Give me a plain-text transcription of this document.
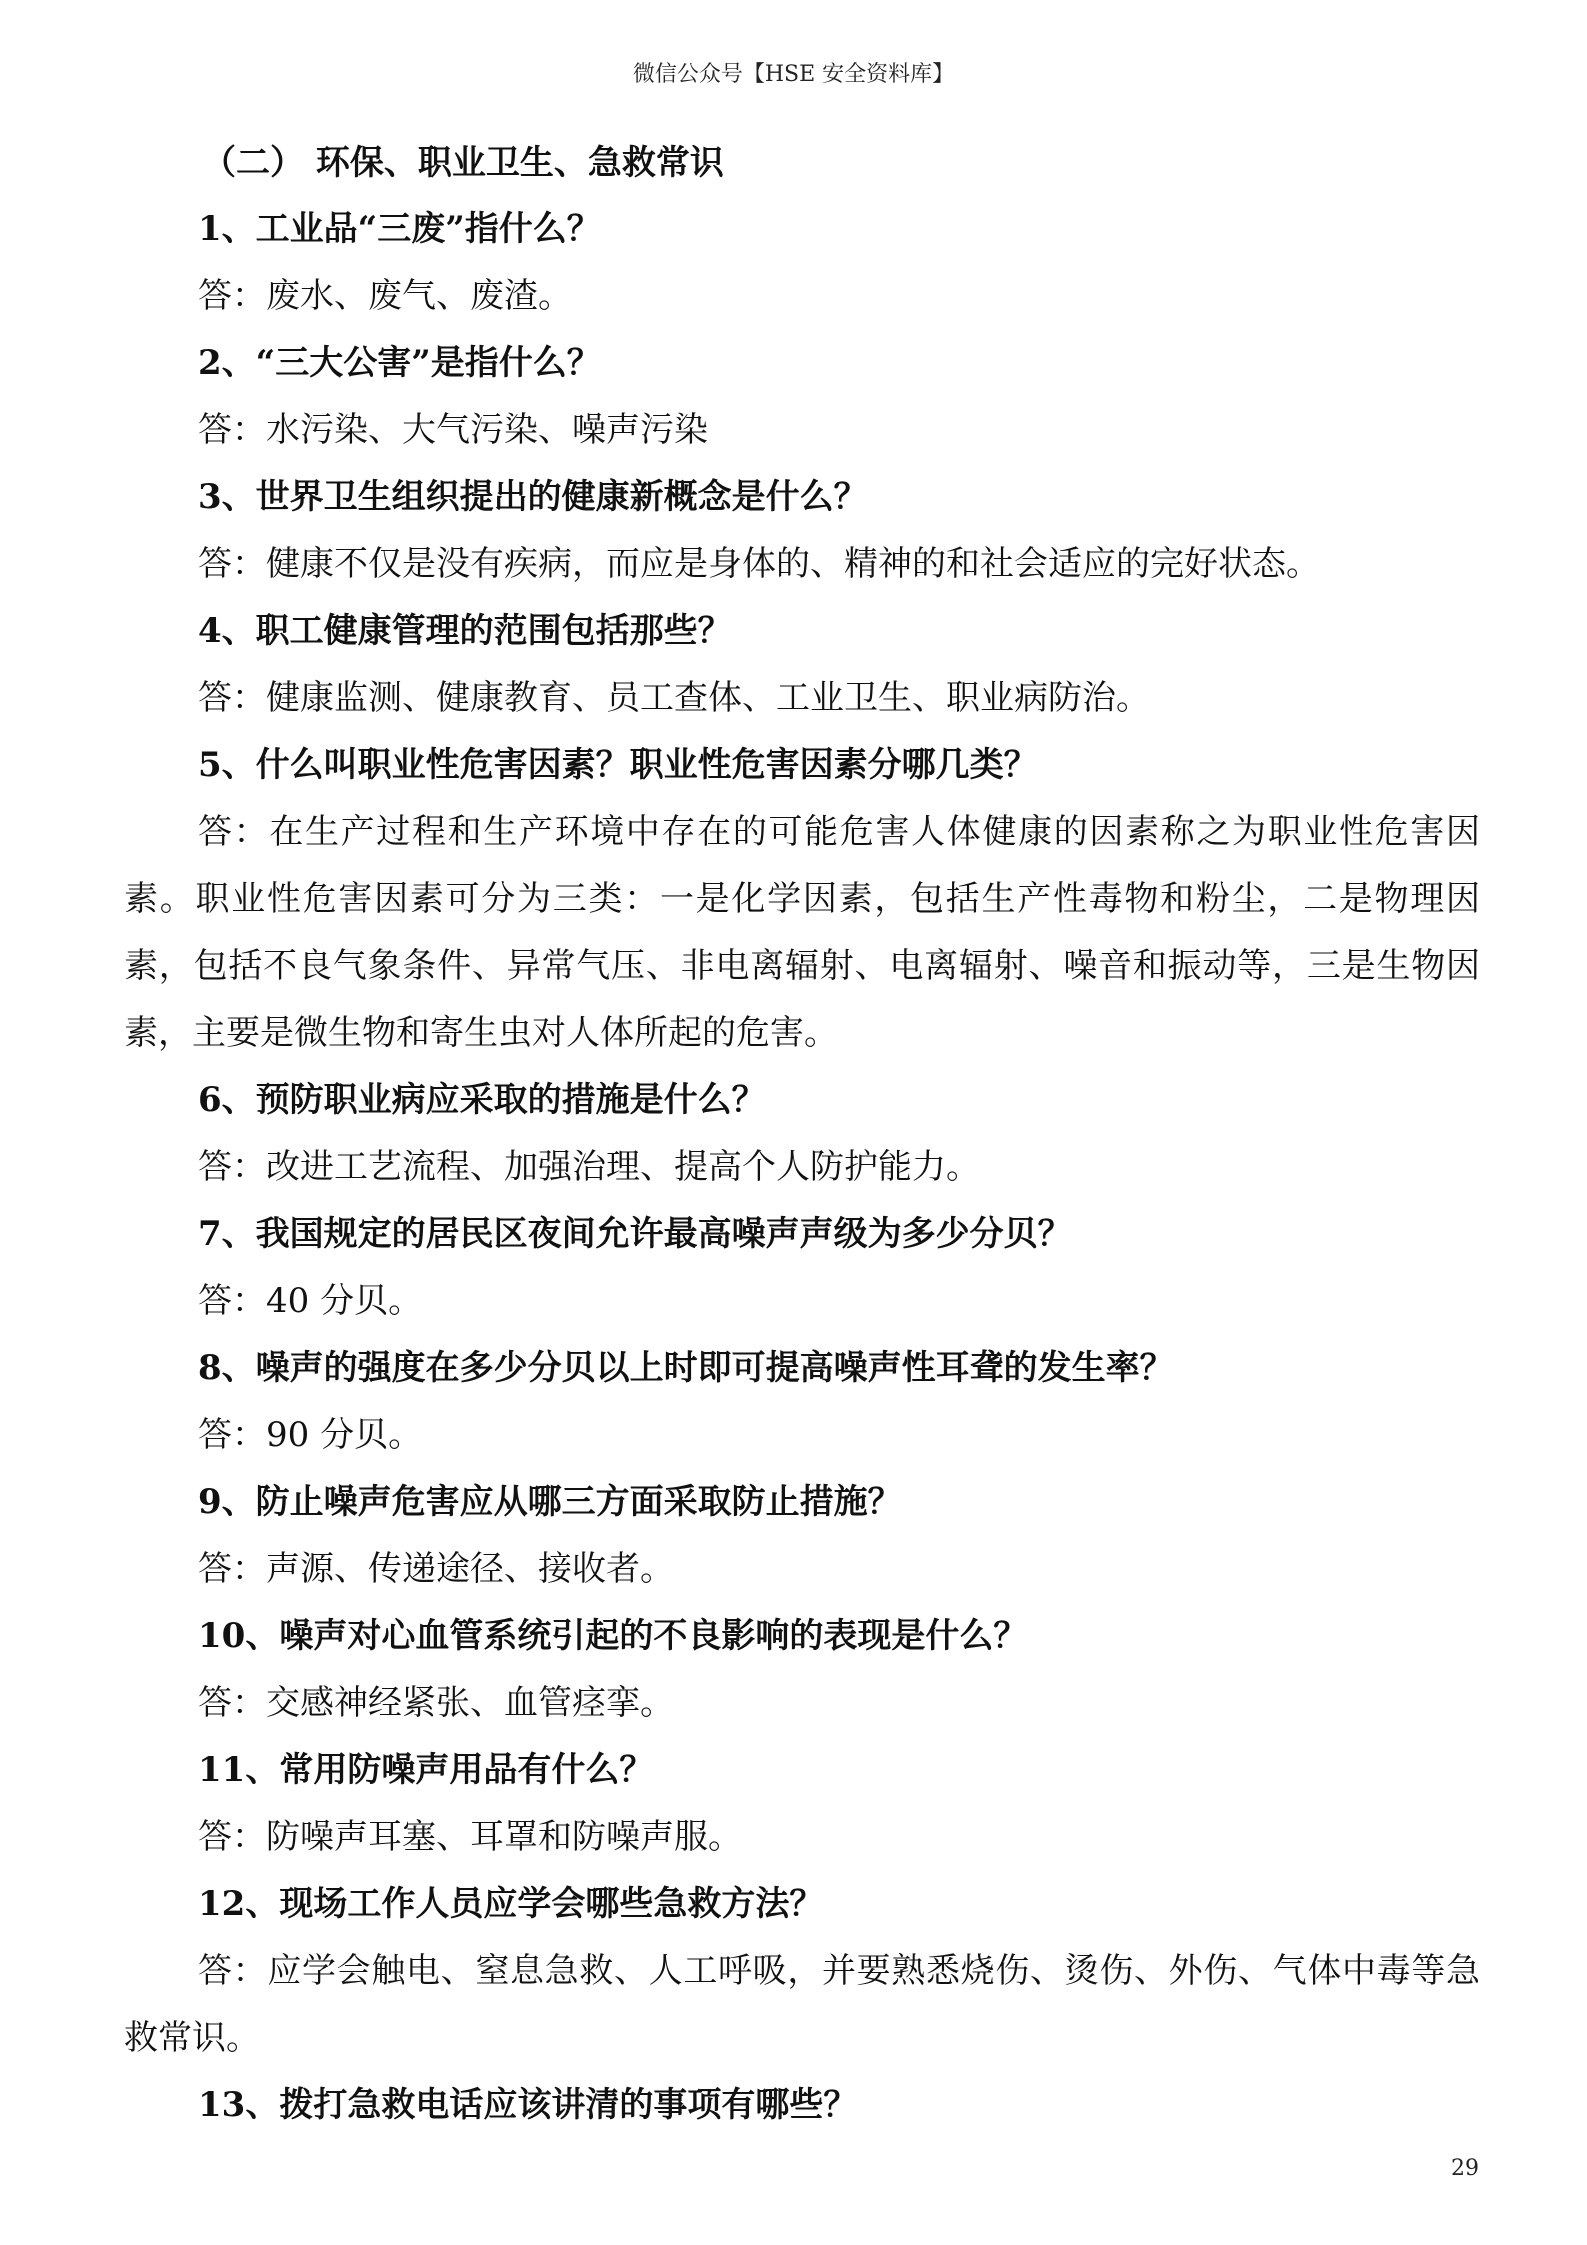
微信公众号【HSE 安全资料库】
（二） 环保、职业卫生、急救常识
1、工业品“三废”指什么？
答：废水、废气、废渣。
2、“三大公害”是指什么？
答：水污染、大气污染、噪声污染
3、世界卫生组织提出的健康新概念是什么？
答：健康不仅是没有疾病，而应是身体的、精神的和社会适应的完好状态。
4、职工健康管理的范围包括那些？
答：健康监测、健康教育、员工查体、工业卫生、职业病防治。
5、什么叫职业性危害因素？职业性危害因素分哪几类？
答：在生产过程和生产环境中存在的可能危害人体健康的因素称之为职业性危害因素。职业性危害因素可分为三类：一是化学因素，包括生产性毒物和粉尘，二是物理因素，包括不良气象条件、异常气压、非电离辐射、电离辐射、噪音和振动等，三是生物因素，主要是微生物和寄生虫对人体所起的危害。
6、预防职业病应采取的措施是什么？
答：改进工艺流程、加强治理、提高个人防护能力。
7、我国规定的居民区夜间允许最高噪声声级为多少分贝？
答：40 分贝。
8、噪声的强度在多少分贝以上时即可提高噪声性耳聋的发生率？
答：90 分贝。
9、防止噪声危害应从哪三方面采取防止措施？
答：声源、传递途径、接收者。
10、噪声对心血管系统引起的不良影响的表现是什么？
答：交感神经紧张、血管痉挛。
11、常用防噪声用品有什么？
答：防噪声耳塞、耳罩和防噪声服。
12、现场工作人员应学会哪些急救方法？
答：应学会触电、窒息急救、人工呼吸，并要熟悉烧伤、烫伤、外伤、气体中毒等急救常识。
13、拨打急救电话应该讲清的事项有哪些？
29
